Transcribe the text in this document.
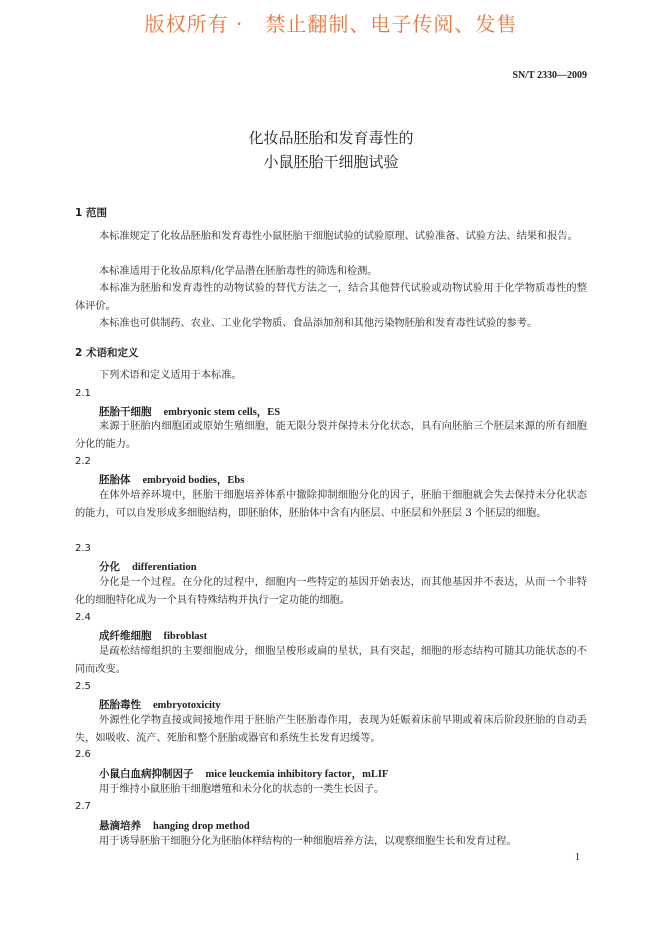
版权所有 ·   禁止翻制、电子传阅、发售
SN/T 2330—2009
化妆品胚胎和发育毒性的
小鼠胚胎干细胞试验
1 范围

本标准规定了化妆品胚胎和发育毒性小鼠胚胎干细胞试验的试验原理、试验准备、试验方法、结果和报告。

本标准适用于化妆品原料/化学品潜在胚胎毒性的筛选和检测。

本标准为胚胎和发育毒性的动物试验的替代方法之一，结合其他替代试验或动物试验用于化学物质毒性的整体评价。

本标准也可供制药、农业、工业化学物质、食品添加剂和其他污染物胚胎和发育毒性试验的参考。

2 术语和定义

下列术语和定义适用于本标准。

2.1
胚胎干细胞 embryonic stem cells，ES

来源于胚胎内细胞团或原始生殖细胞，能无限分裂并保持未分化状态，具有向胚胎三个胚层来源的所有细胞分化的能力。

2.2
胚胎体 embryoid bodies，Ebs

在体外培养环境中，胚胎干细胞培养体系中撤除抑制细胞分化的因子，胚胎干细胞就会失去保持未分化状态的能力，可以自发形成多细胞结构，即胚胎体，胚胎体中含有内胚层、中胚层和外胚层 3 个胚层的细胞。

2.3
分化 differentiation

分化是一个过程。在分化的过程中，细胞内一些特定的基因开始表达，而其他基因并不表达，从而一个非特化的细胞特化成为一个具有特殊结构并执行一定功能的细胞。

2.4
成纤维细胞 fibroblast

是疏松结缔组织的主要细胞成分，细胞呈梭形或扁的星状，具有突起，细胞的形态结构可随其功能状态的不同而改变。

2.5
胚胎毒性 embryotoxicity

外源性化学物直接或间接地作用于胚胎产生胚胎毒作用，表现为妊娠着床前早期或着床后阶段胚胎的自动丢失，如吸收、流产、死胎和整个胚胎或器官和系统生长发育迟缓等。

2.6
小鼠白血病抑制因子 mice leuckemia inhibitory factor，mLIF

用于维持小鼠胚胎干细胞增殖和未分化的状态的一类生长因子。

2.7
悬滴培养 hanging drop method

用于诱导胚胎干细胞分化为胚胎体样结构的一种细胞培养方法，以观察细胞生长和发育过程。

1
